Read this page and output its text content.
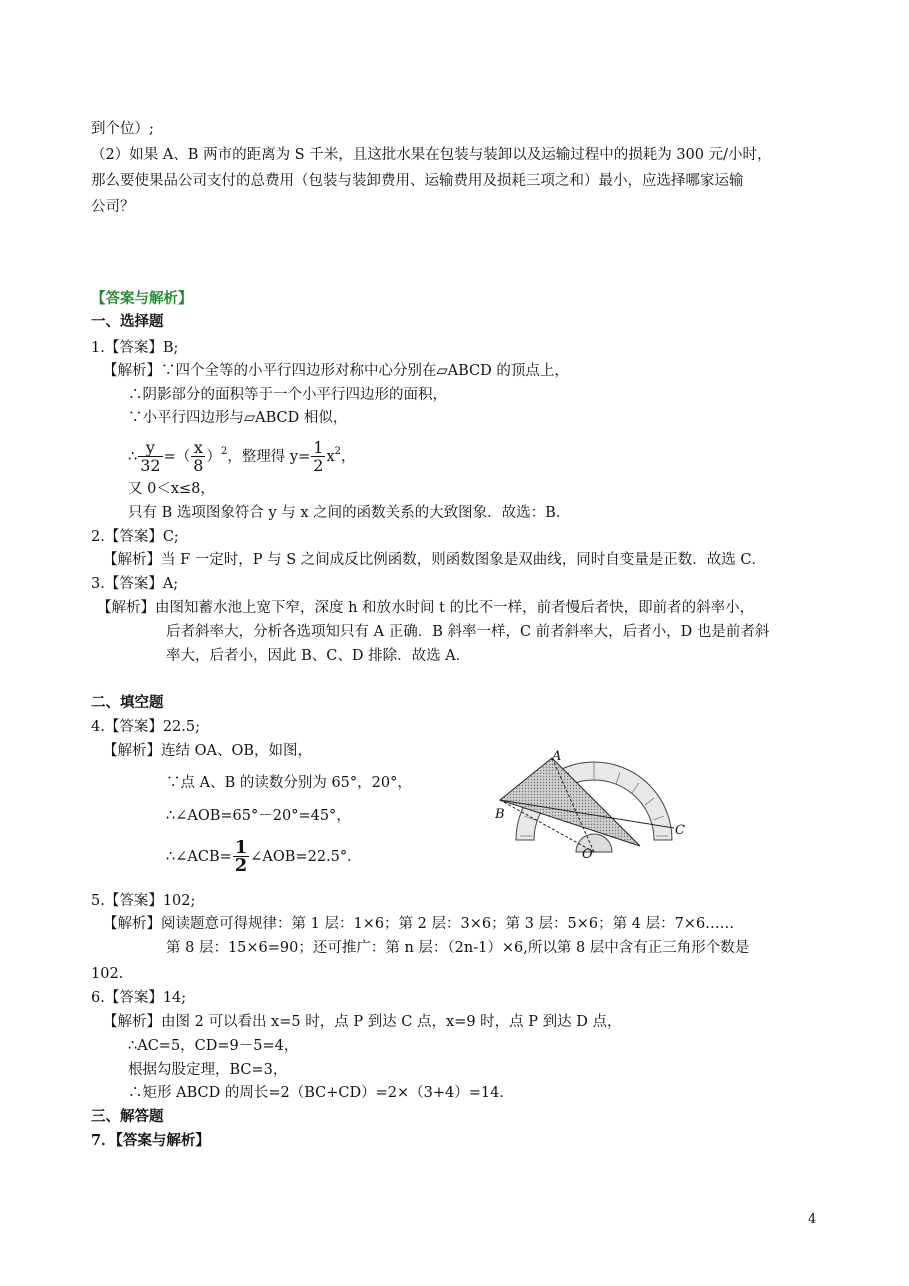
到个位）;
（2）如果 A、B 两市的距离为 S 千米，且这批水果在包装与装卸以及运输过程中的损耗为 300 元/小时，
那么要使果品公司支付的总费用（包装与装卸费用、运输费用及损耗三项之和）最小，应选择哪家运输
公司？
【答案与解析】
一、选择题
1.【答案】B;
【解析】∵四个全等的小平行四边形对称中心分别在▱ABCD 的顶点上，
∴阴影部分的面积等于一个小平行四边形的面积，
∵小平行四边形与▱ABCD 相似，
∴ $\frac{y}{32}$ =（ $\frac{x}{8} )^2$，整理得 $y= \frac{1}{2} x^2$，
又 0＜x≤8，
只有 B 选项图象符合 y 与 x 之间的函数关系的大致图象．故选：B．
2.【答案】C;
【解析】当 F 一定时，P 与 S 之间成反比例函数，则函数图象是双曲线，同时自变量是正数．故选 C．
3.【答案】A;
【解析】由图知蓄水池上宽下窄，深度 h 和放水时间 t 的比不一样，前者慢后者快，即前者的斜率小，
后者斜率大，分析各选项知只有 A 正确．B 斜率一样，C 前者斜率大，后者小，D 也是前者斜
率大，后者小，因此 B、C、D 排除．故选 A．
二、填空题
4.【答案】22.5;
【解析】连结 OA、OB，如图，
∵点 A、B 的读数分别为 65°，20°，
∴∠AOB=65°－20°=45°，
∴∠ACB= $\frac{1}{2}$ ∠AOB=22.5°．
A
B
C
O
5.【答案】102;
【解析】阅读题意可得规律：第 1 层：1×6；第 2 层：3×6；第 3 层：5×6；第 4 层：7×6……
第 8 层：15×6=90；还可推广：第 n 层：（2n-1）×6,所以第 8 层中含有正三角形个数是
102.
6.【答案】14;
【解析】由图 2 可以看出 x=5 时，点 P 到达 C 点，x=9 时，点 P 到达 D 点，
∴AC=5，CD=9－5=4，
根据勾股定理，BC=3，
∴矩形 ABCD 的周长=2（BC+CD）=2×（3+4）=14．
三、解答题
7．【答案与解析】
4
